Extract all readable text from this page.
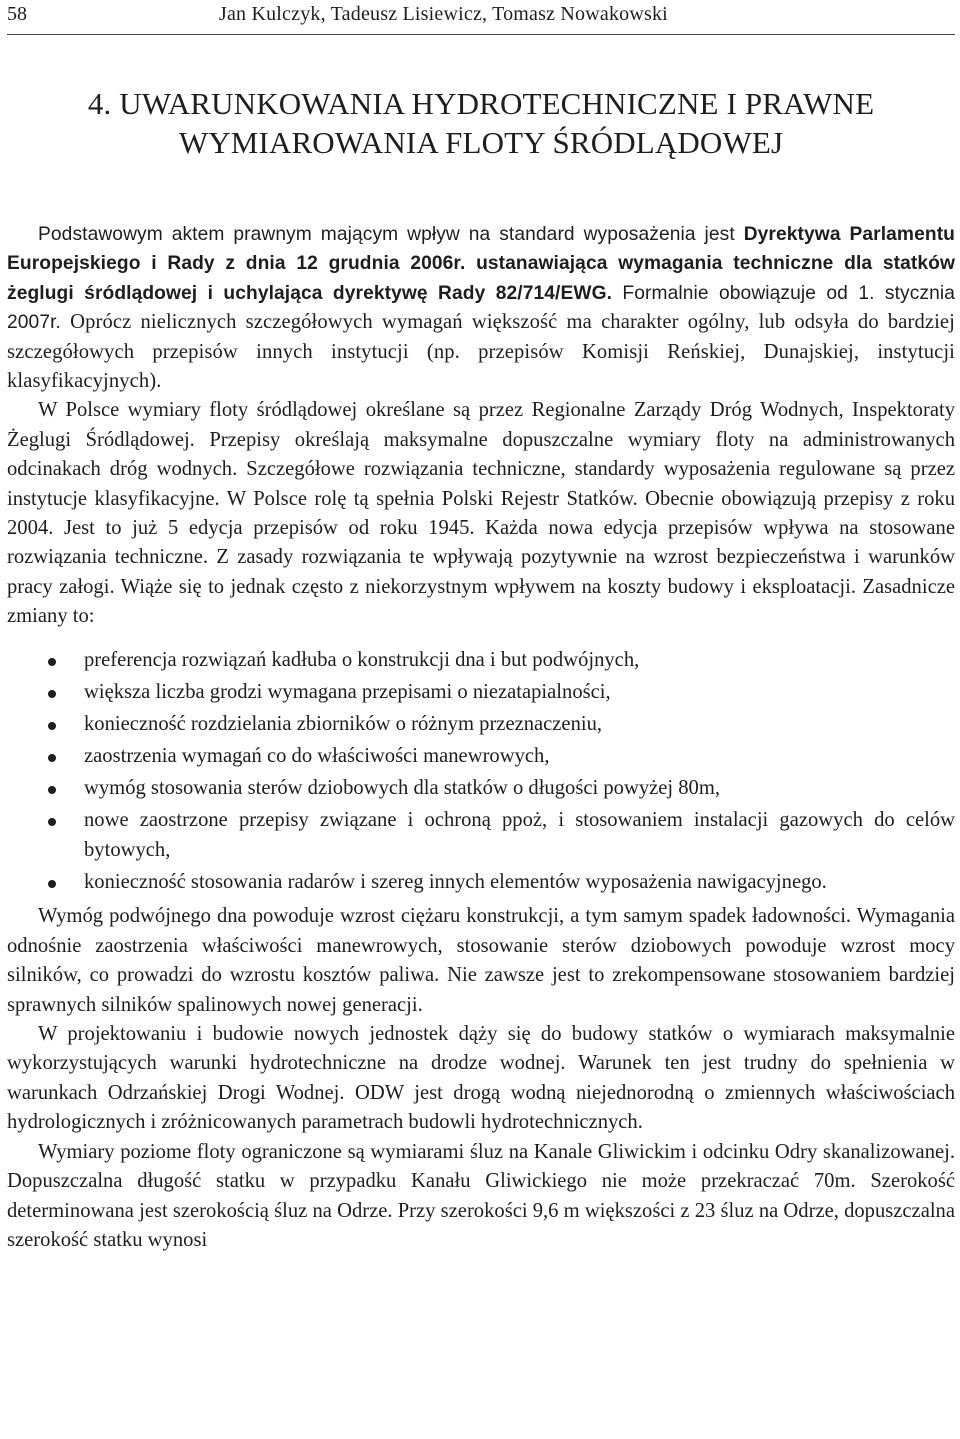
58	Jan Kulczyk, Tadeusz Lisiewicz, Tomasz Nowakowski
4. UWARUNKOWANIA HYDROTECHNICZNE I PRAWNE
WYMIAROWANIA FLOTY ŚRÓDLĄDOWEJ

Podstawowym aktem prawnym mającym wpływ na standard wyposażenia jest Dyrektywa Parlamentu Europejskiego i Rady z dnia 12 grudnia 2006r. ustanawiająca wymagania techniczne dla statków żeglugi śródlądowej i uchylająca dyrektywę Rady 82/714/EWG. Formalnie obowiązuje od 1. stycznia 2007r. Oprócz nielicznych szczegółowych wymagań większość ma charakter ogólny, lub odsyła do bardziej szczegółowych przepisów innych instytucji (np. przepisów Komisji Reńskiej, Dunajskiej, instytucji klasyfikacyjnych).

W Polsce wymiary floty śródlądowej określane są przez Regionalne Zarządy Dróg Wodnych, Inspektoraty Żeglugi Śródlądowej. Przepisy określają maksymalne dopuszczalne wymiary floty na administrowanych odcinakach dróg wodnych. Szczegółowe rozwiązania techniczne, standardy wyposażenia regulowane są przez instytucje klasyfikacyjne. W Polsce rolę tą spełnia Polski Rejestr Statków. Obecnie obowiązują przepisy z roku 2004. Jest to już 5 edycja przepisów od roku 1945. Każda nowa edycja przepisów wpływa na stosowane rozwiązania techniczne. Z zasady rozwiązania te wpływają pozytywnie na wzrost bezpieczeństwa i warunków pracy załogi. Wiąże się to jednak często z niekorzystnym wpływem na koszty budowy i eksploatacji. Zasadnicze zmiany to:

preferencja rozwiązań kadłuba o konstrukcji dna i but podwójnych,
większa liczba grodzi wymagana przepisami o niezatapialności,
konieczność rozdzielania zbiorników o różnym przeznaczeniu,
zaostrzenia wymagań co do właściwości manewrowych,
wymóg stosowania sterów dziobowych dla statków o długości powyżej 80m,
nowe zaostrzone przepisy związane i ochroną ppoż, i stosowaniem instalacji gazowych do celów bytowych,
konieczność stosowania radarów i szereg innych elementów wyposażenia nawigacyjnego.

Wymóg podwójnego dna powoduje wzrost ciężaru konstrukcji, a tym samym spadek ładowności. Wymagania odnośnie zaostrzenia właściwości manewrowych, stosowanie sterów dziobowych powoduje wzrost mocy silników, co prowadzi do wzrostu kosztów paliwa. Nie zawsze jest to zrekompensowane stosowaniem bardziej sprawnych silników spalinowych nowej generacji.

W projektowaniu i budowie nowych jednostek dąży się do budowy statków o wymiarach maksymalnie wykorzystujących warunki hydrotechniczne na drodze wodnej. Warunek ten jest trudny do spełnienia w warunkach Odrzańskiej Drogi Wodnej. ODW jest drogą wodną niejednorodną o zmiennych właściwościach hydrologicznych i zróżnicowanych parametrach budowli hydrotechnicznych.

Wymiary poziome floty ograniczone są wymiarami śluz na Kanale Gliwickim i odcinku Odry skanalizowanej. Dopuszczalna długość statku w przypadku Kanału Gliwickiego nie może przekraczać 70m. Szerokość determinowana jest szerokością śluz na Odrze. Przy szerokości 9,6 m większości z 23 śluz na Odrze, dopuszczalna szerokość statku wynosi
